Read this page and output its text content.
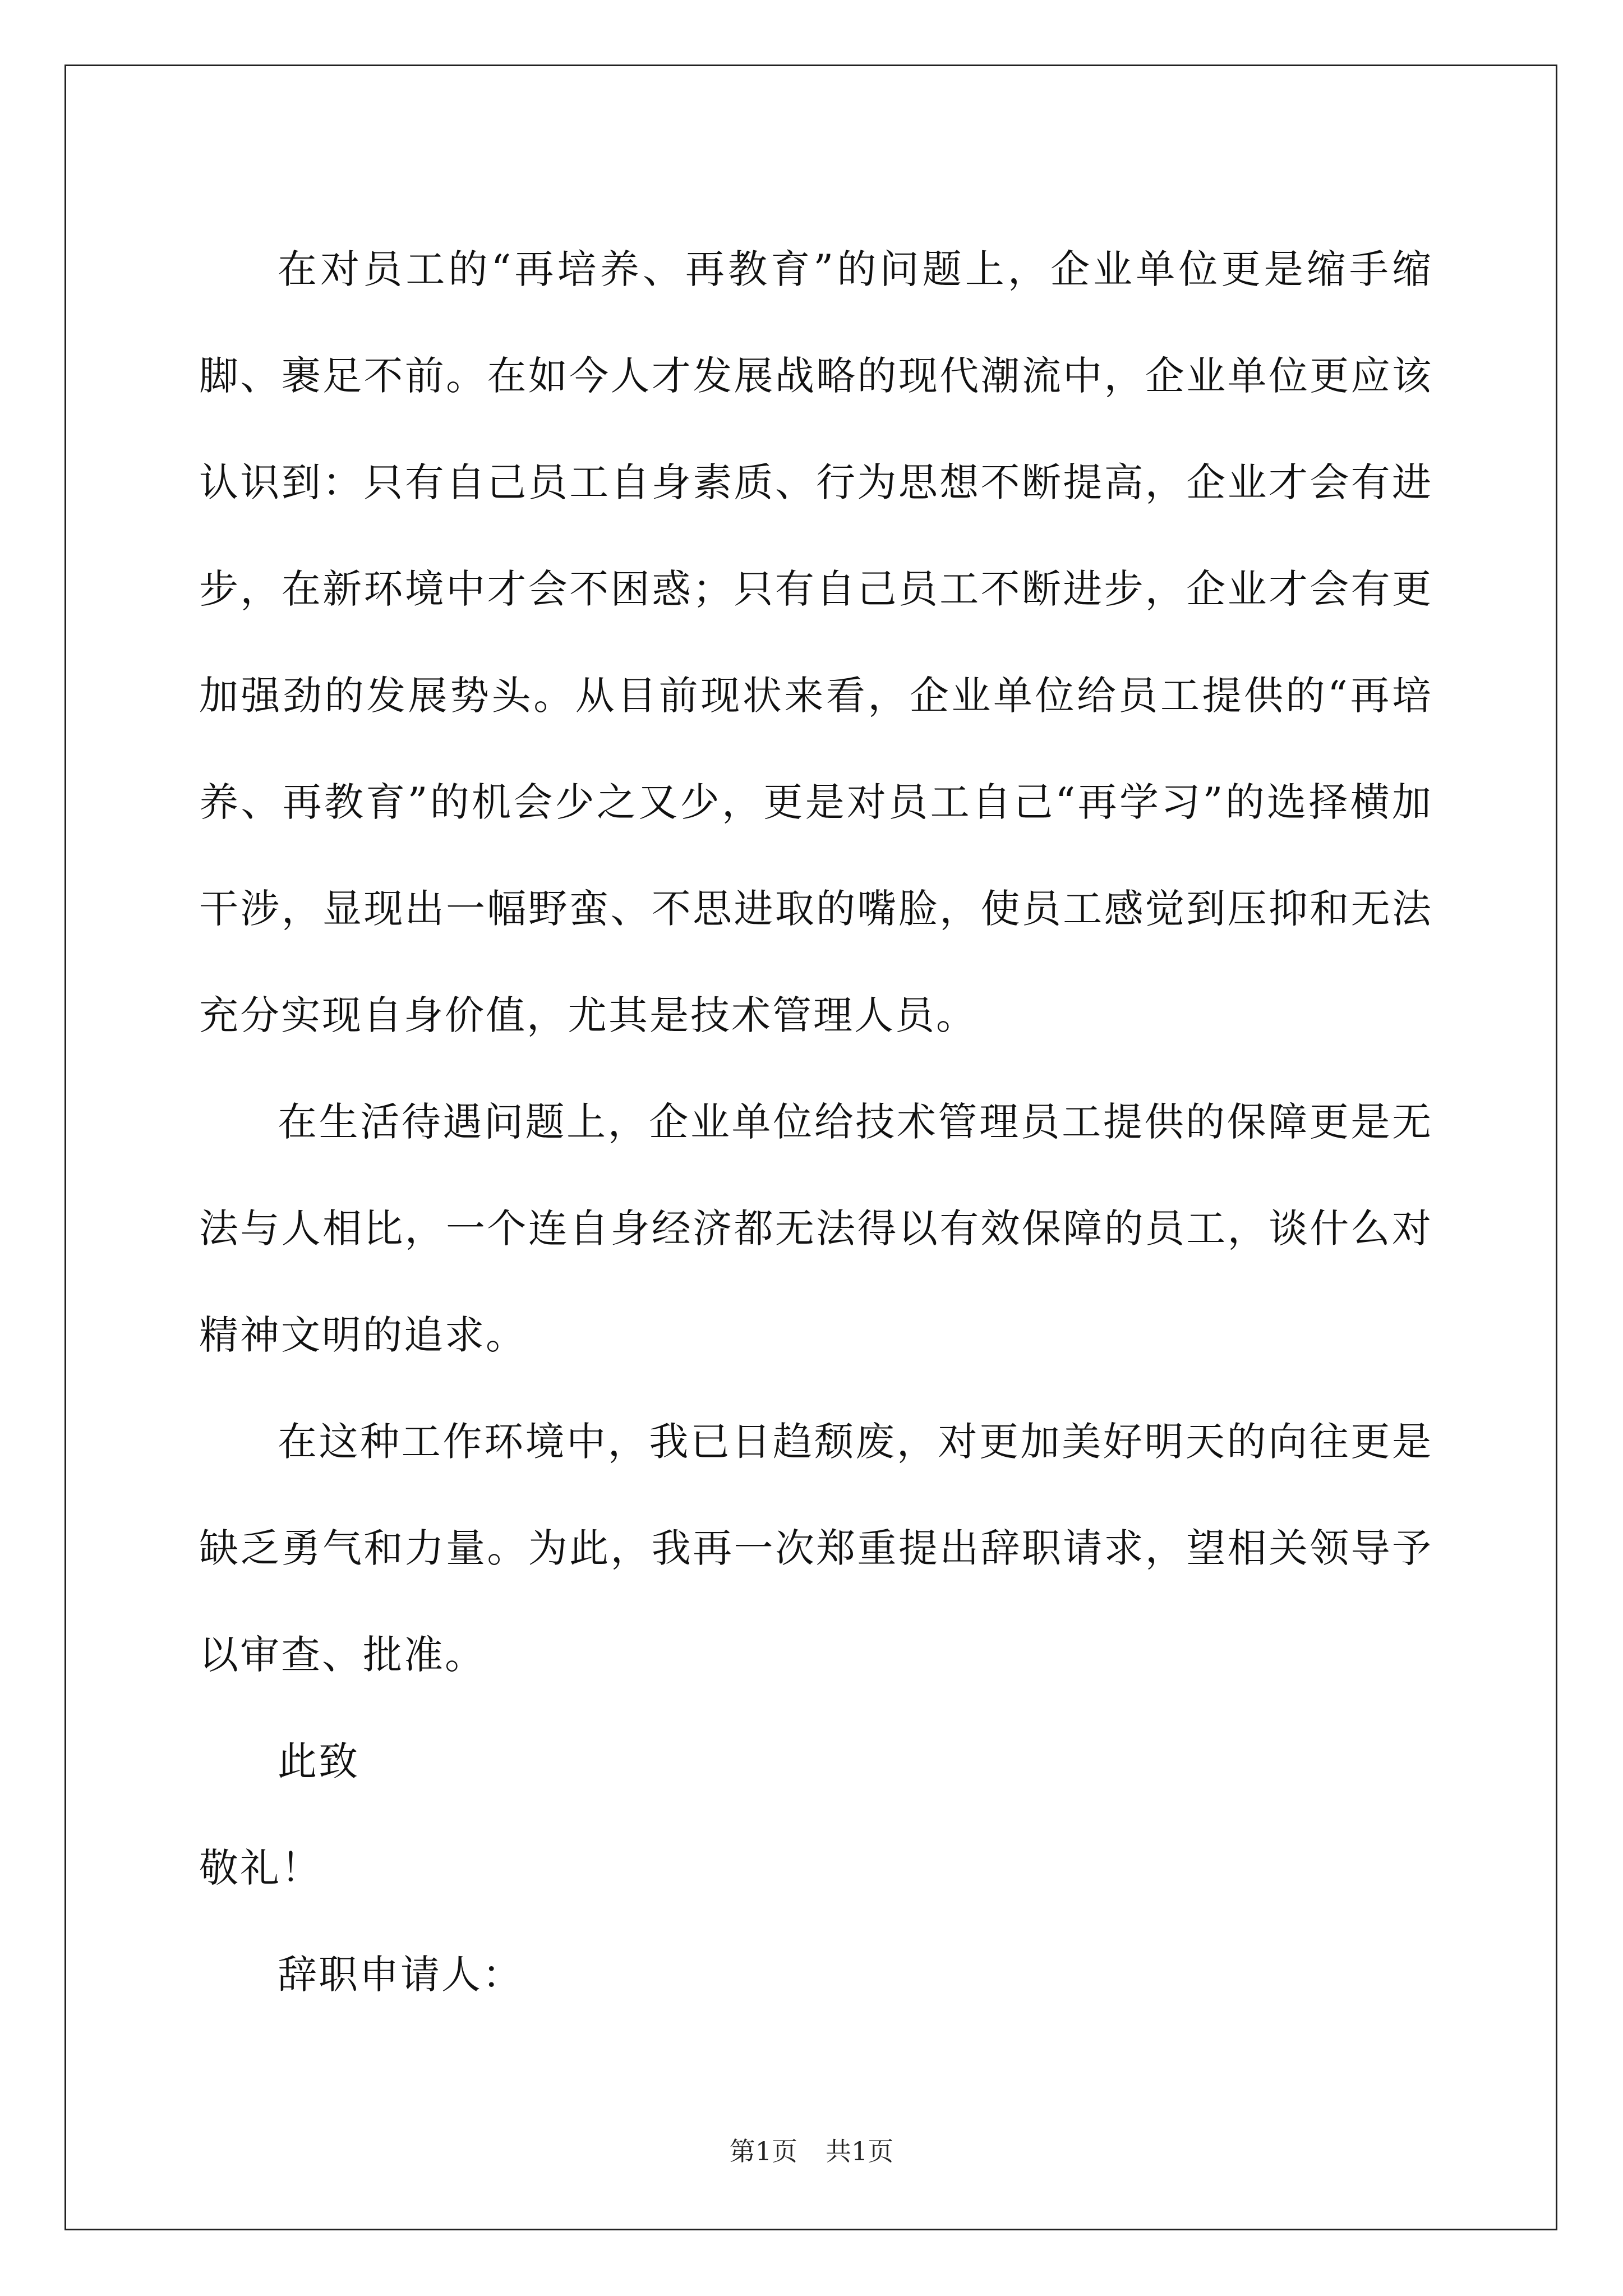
在对员工的“再培养、再教育”的问题上，企业单位更是缩手缩脚、裹足不前。在如今人才发展战略的现代潮流中，企业单位更应该认识到：只有自己员工自身素质、行为思想不断提高，企业才会有进步，在新环境中才会不困惑；只有自己员工不断进步，企业才会有更加强劲的发展势头。从目前现状来看，企业单位给员工提供的“再培养、再教育”的机会少之又少，更是对员工自己“再学习”的选择横加干涉，显现出一幅野蛮、不思进取的嘴脸，使员工感觉到压抑和无法充分实现自身价值，尤其是技术管理人员。

在生活待遇问题上，企业单位给技术管理员工提供的保障更是无法与人相比，一个连自身经济都无法得以有效保障的员工，谈什么对精神文明的追求。

在这种工作环境中，我已日趋颓废，对更加美好明天的向往更是缺乏勇气和力量。为此，我再一次郑重提出辞职请求，望相关领导予以审查、批准。

此致

敬礼！

辞职申请人：

第1页 共1页
